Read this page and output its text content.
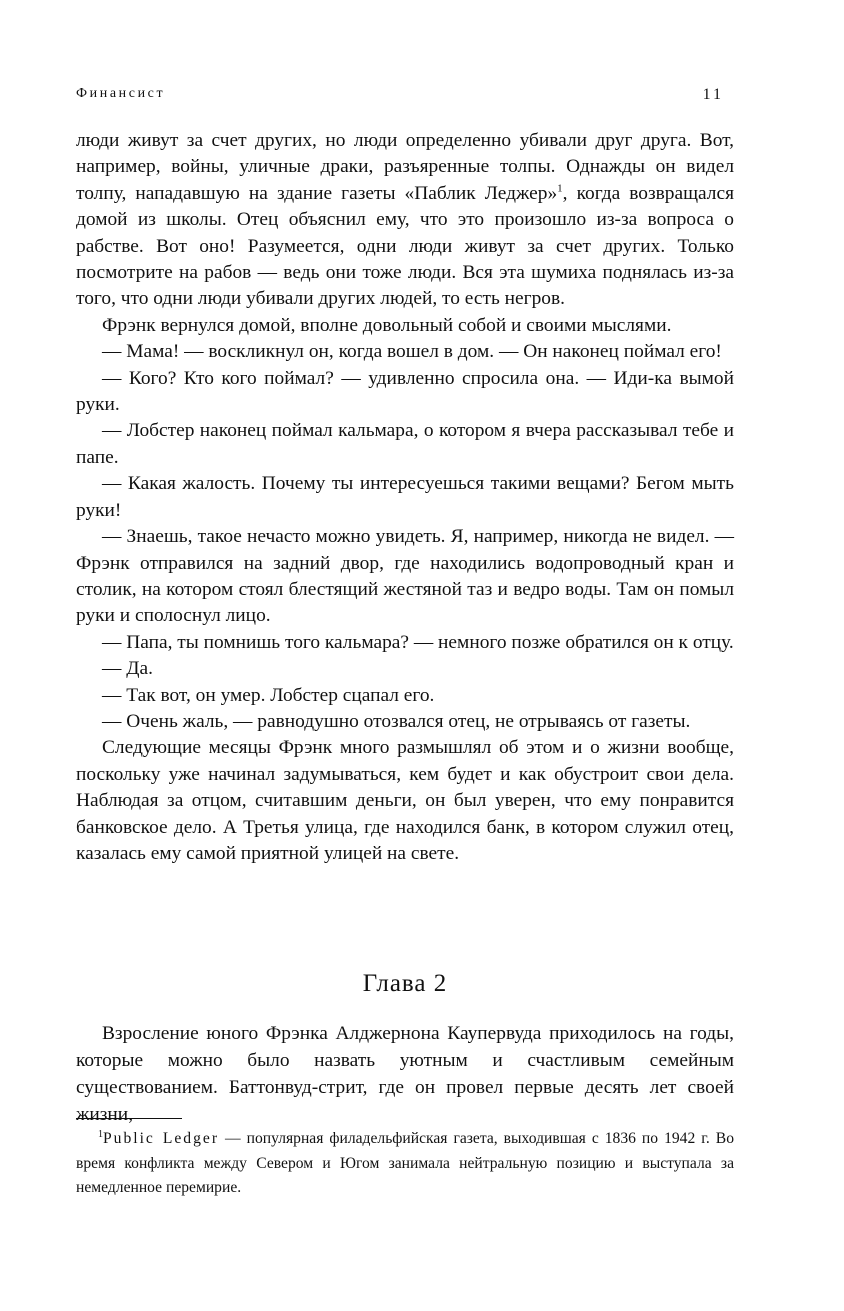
Финансист	11

люди живут за счет других, но люди определенно убивали друг друга. Вот, например, войны, уличные драки, разъяренные толпы. Однажды он видел толпу, нападавшую на здание газеты «Паблик Леджер»$^1$, когда возвращался домой из школы. Отец объяснил ему, что это произошло из-за вопроса о рабстве. Вот оно! Разумеется, одни люди живут за счет других. Только посмотрите на рабов — ведь они тоже люди. Вся эта шумиха поднялась из-за того, что одни люди убивали других людей, то есть негров.

Фрэнк вернулся домой, вполне довольный собой и своими мыслями.

— Мама! — воскликнул он, когда вошел в дом. — Он наконец поймал его!

— Кого? Кто кого поймал? — удивленно спросила она. — Иди-ка вымой руки.

— Лобстер наконец поймал кальмара, о котором я вчера рассказывал тебе и папе.

— Какая жалость. Почему ты интересуешься такими вещами? Бегом мыть руки!

— Знаешь, такое нечасто можно увидеть. Я, например, никогда не видел. — Фрэнк отправился на задний двор, где находились водопроводный кран и столик, на котором стоял блестящий жестяной таз и ведро воды. Там он помыл руки и сполоснул лицо.

— Папа, ты помнишь того кальмара? — немного позже обратился он к отцу.

— Да.

— Так вот, он умер. Лобстер сцапал его.

— Очень жаль, — равнодушно отозвался отец, не отрываясь от газеты.

Следующие месяцы Фрэнк много размышлял об этом и о жизни вообще, поскольку уже начинал задумываться, кем будет и как обустроит свои дела. Наблюдая за отцом, считавшим деньги, он был уверен, что ему понравится банковское дело. А Третья улица, где находился банк, в котором служил отец, казалась ему самой приятной улицей на свете.

Глава 2

Взросление юного Фрэнка Алджернона Каупервуда приходилось на годы, которые можно было назвать уютным и счастливым семейным существованием. Баттонвуд-стрит, где он провел первые десять лет своей жизни,

$^1$Public Ledger — популярная филадельфийская газета, выходившая с 1836 по 1942 г. Во время конфликта между Севером и Югом занимала нейтральную позицию и выступала за немедленное перемирие.
